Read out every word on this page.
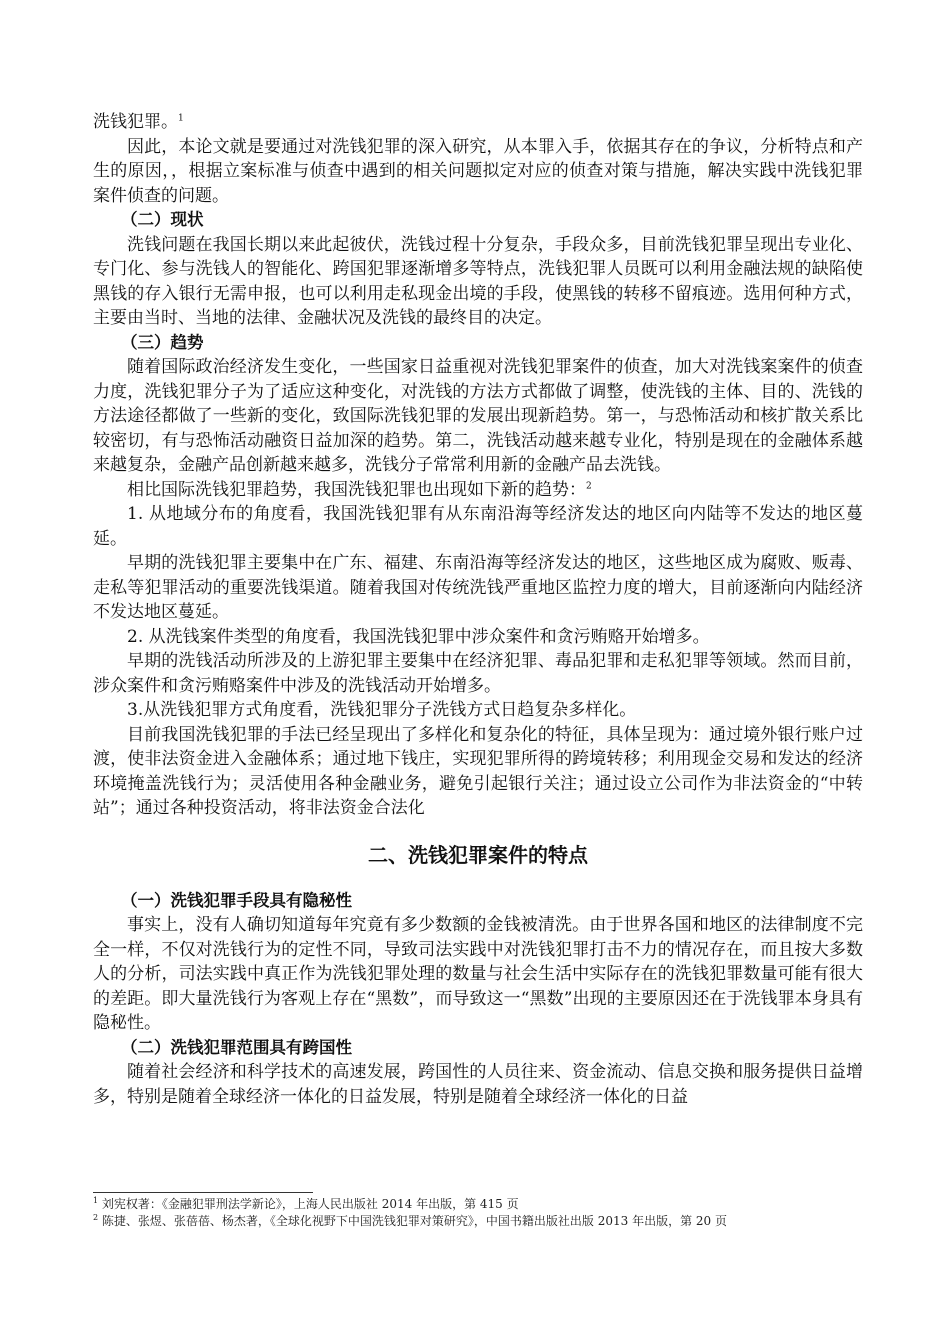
洗钱犯罪。$^1$

因此，本论文就是要通过对洗钱犯罪的深入研究，从本罪入手，依据其存在的争议，分析特点和产生的原因，，根据立案标准与侦查中遇到的相关问题拟定对应的侦查对策与措施，解决实践中洗钱犯罪案件侦查的问题。

（二）现状

洗钱问题在我国长期以来此起彼伏，洗钱过程十分复杂，手段众多，目前洗钱犯罪呈现出专业化、专门化、参与洗钱人的智能化、跨国犯罪逐渐增多等特点，洗钱犯罪人员既可以利用金融法规的缺陷使黑钱的存入银行无需申报，也可以利用走私现金出境的手段，使黑钱的转移不留痕迹。选用何种方式，主要由当时、当地的法律、金融状况及洗钱的最终目的决定。

（三）趋势

随着国际政治经济发生变化，一些国家日益重视对洗钱犯罪案件的侦查，加大对洗钱案案件的侦查力度，洗钱犯罪分子为了适应这种变化，对洗钱的方法方式都做了调整，使洗钱的主体、目的、洗钱的方法途径都做了一些新的变化，致国际洗钱犯罪的发展出现新趋势。第一，与恐怖活动和核扩散关系比较密切，有与恐怖活动融资日益加深的趋势。第二，洗钱活动越来越专业化，特别是现在的金融体系越来越复杂，金融产品创新越来越多，洗钱分子常常利用新的金融产品去洗钱。

相比国际洗钱犯罪趋势，我国洗钱犯罪也出现如下新的趋势：$^2$

1. 从地域分布的角度看，我国洗钱犯罪有从东南沿海等经济发达的地区向内陆等不发达的地区蔓延。

早期的洗钱犯罪主要集中在广东、福建、东南沿海等经济发达的地区，这些地区成为腐败、贩毒、走私等犯罪活动的重要洗钱渠道。随着我国对传统洗钱严重地区监控力度的增大，目前逐渐向内陆经济不发达地区蔓延。

2. 从洗钱案件类型的角度看，我国洗钱犯罪中涉众案件和贪污贿赂开始增多。

早期的洗钱活动所涉及的上游犯罪主要集中在经济犯罪、毒品犯罪和走私犯罪等领域。然而目前，涉众案件和贪污贿赂案件中涉及的洗钱活动开始增多。

3.从洗钱犯罪方式角度看，洗钱犯罪分子洗钱方式日趋复杂多样化。

目前我国洗钱犯罪的手法已经呈现出了多样化和复杂化的特征，具体呈现为：通过境外银行账户过渡，使非法资金进入金融体系；通过地下钱庄，实现犯罪所得的跨境转移；利用现金交易和发达的经济环境掩盖洗钱行为；灵活使用各种金融业务，避免引起银行关注；通过设立公司作为非法资金的“中转站”；通过各种投资活动，将非法资金合法化

二、洗钱犯罪案件的特点

（一）洗钱犯罪手段具有隐秘性

事实上，没有人确切知道每年究竟有多少数额的金钱被清洗。由于世界各国和地区的法律制度不完全一样，不仅对洗钱行为的定性不同，导致司法实践中对洗钱犯罪打击不力的情况存在，而且按大多数人的分析，司法实践中真正作为洗钱犯罪处理的数量与社会生活中实际存在的洗钱犯罪数量可能有很大的差距。即大量洗钱行为客观上存在“黑数”，而导致这一“黑数”出现的主要原因还在于洗钱罪本身具有隐秘性。

（二）洗钱犯罪范围具有跨国性

随着社会经济和科学技术的高速发展，跨国性的人员往来、资金流动、信息交换和服务提供日益增多，特别是随着全球经济一体化的日益发展，特别是随着全球经济一体化的日益

$^1$ 刘宪权著：《金融犯罪刑法学新论》，上海人民出版社 2014 年出版，第 415 页

$^2$ 陈捷、张煜、张蓓蓓、杨杰著，《全球化视野下中国洗钱犯罪对策研究》，中国书籍出版社出版 2013 年出版，第 20 页
